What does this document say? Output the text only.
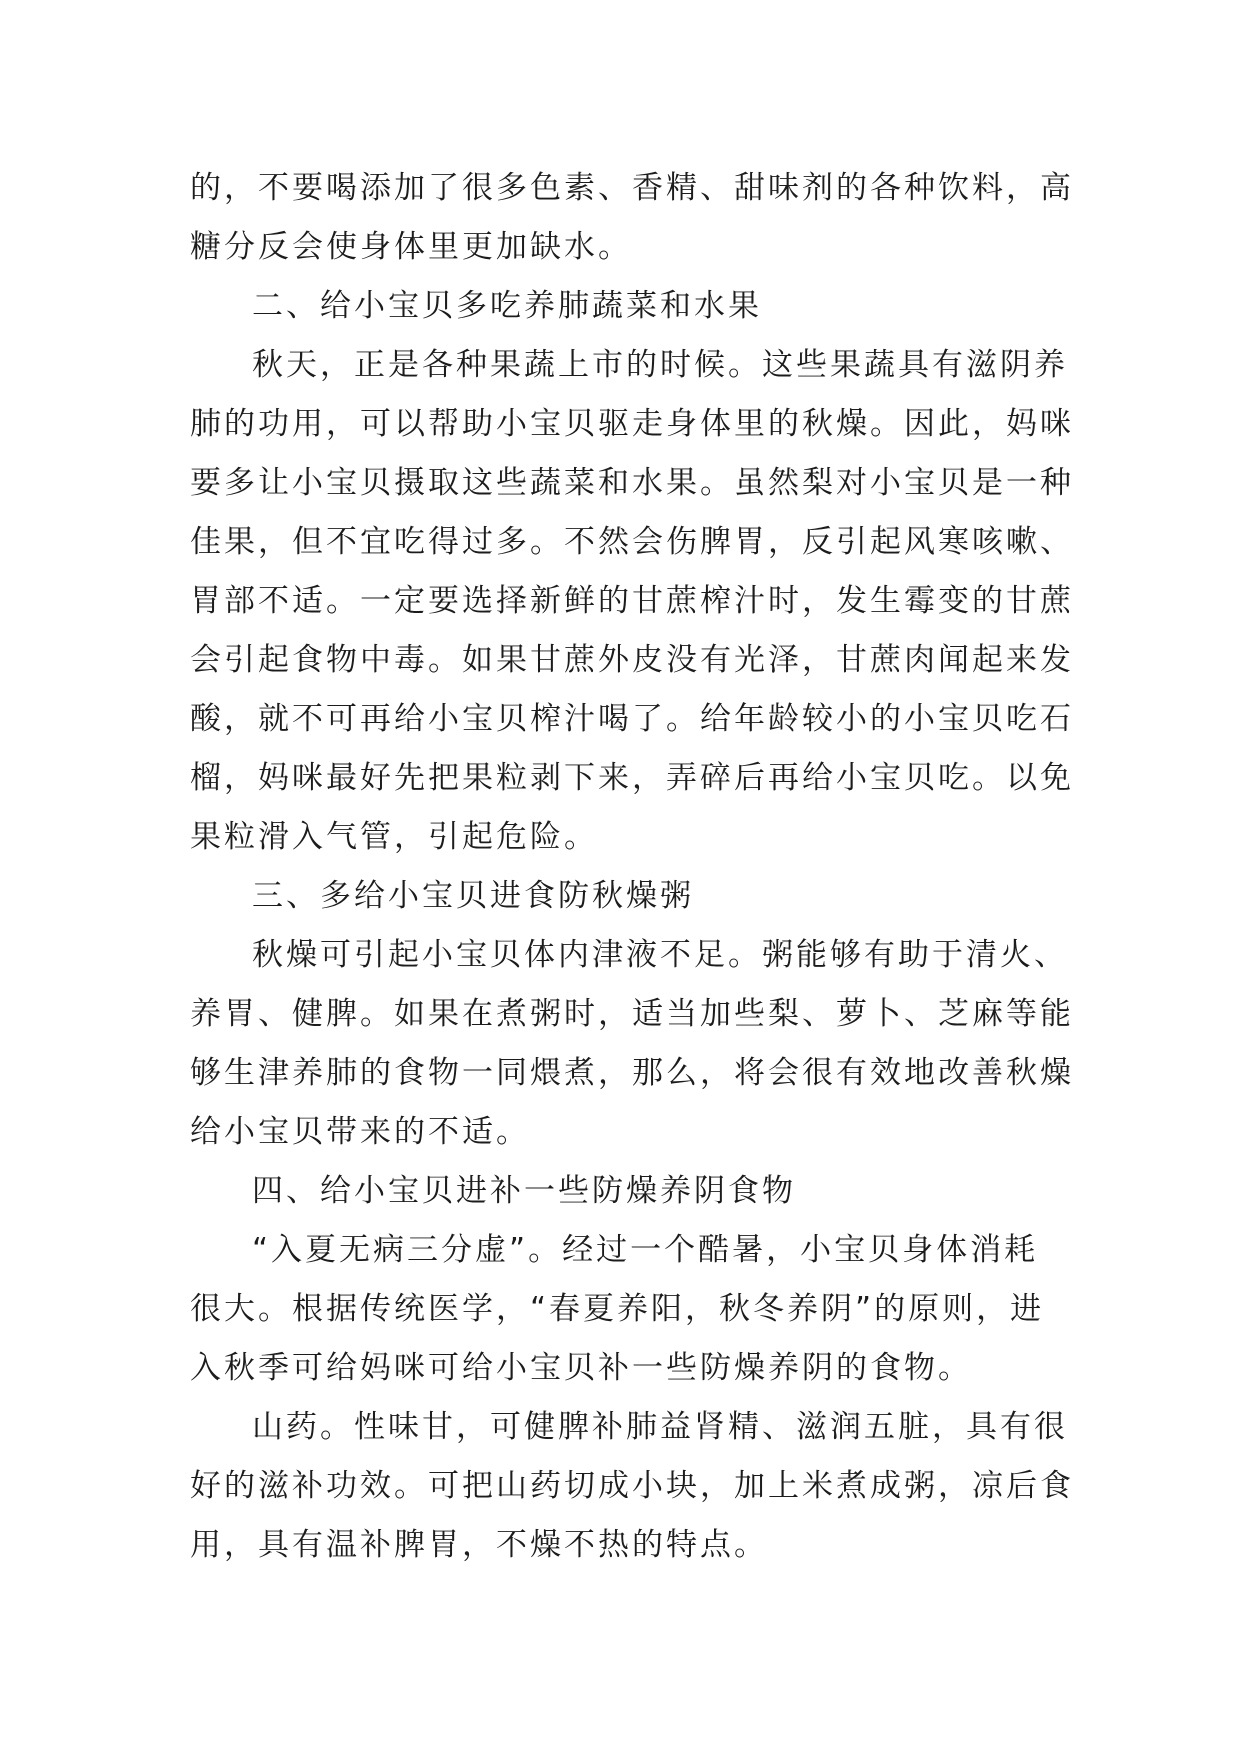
的，不要喝添加了很多色素、香精、甜味剂的各种饮料，高
糖分反会使身体里更加缺水。
二、给小宝贝多吃养肺蔬菜和水果
秋天，正是各种果蔬上市的时候。这些果蔬具有滋阴养
肺的功用，可以帮助小宝贝驱走身体里的秋燥。因此，妈咪
要多让小宝贝摄取这些蔬菜和水果。虽然梨对小宝贝是一种
佳果，但不宜吃得过多。不然会伤脾胃，反引起风寒咳嗽、
胃部不适。一定要选择新鲜的甘蔗榨汁时，发生霉变的甘蔗
会引起食物中毒。如果甘蔗外皮没有光泽，甘蔗肉闻起来发
酸，就不可再给小宝贝榨汁喝了。给年龄较小的小宝贝吃石
榴，妈咪最好先把果粒剥下来，弄碎后再给小宝贝吃。以免
果粒滑入气管，引起危险。
三、多给小宝贝进食防秋燥粥
秋燥可引起小宝贝体内津液不足。粥能够有助于清火、
养胃、健脾。如果在煮粥时，适当加些梨、萝卜、芝麻等能
够生津养肺的食物一同煨煮，那么，将会很有效地改善秋燥
给小宝贝带来的不适。
四、给小宝贝进补一些防燥养阴食物
“入夏无病三分虚”。经过一个酷暑，小宝贝身体消耗
很大。根据传统医学，“春夏养阳，秋冬养阴”的原则，进
入秋季可给妈咪可给小宝贝补一些防燥养阴的食物。
山药。性味甘，可健脾补肺益肾精、滋润五脏，具有很
好的滋补功效。可把山药切成小块，加上米煮成粥，凉后食
用，具有温补脾胃，不燥不热的特点。
